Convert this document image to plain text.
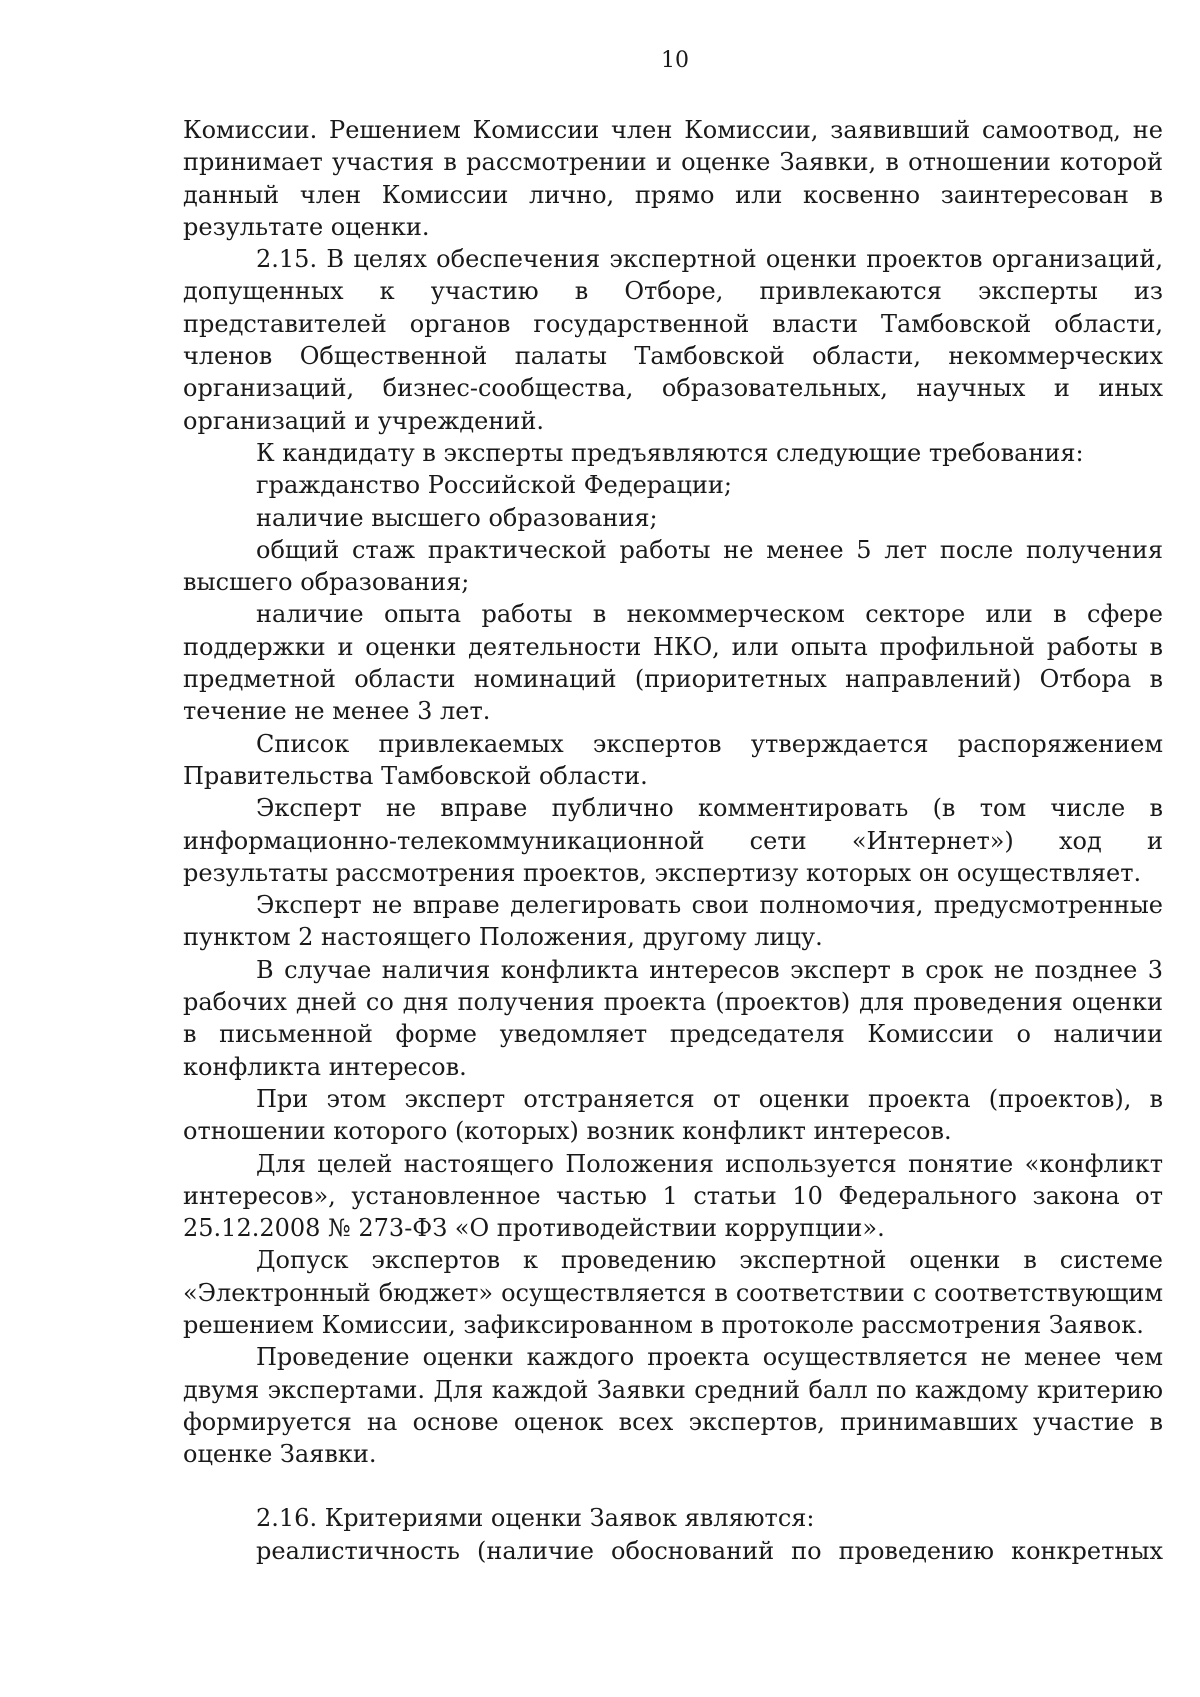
10

Комиссии. Решением Комиссии член Комиссии, заявивший самоотвод, не принимает участия в рассмотрении и оценке Заявки, в отношении которой данный член Комиссии лично, прямо или косвенно заинтересован в результате оценки.

2.15. В целях обеспечения экспертной оценки проектов организаций, допущенных к участию в Отборе, привлекаются эксперты из представителей органов государственной власти Тамбовской области, членов Общественной палаты Тамбовской области, некоммерческих организаций, бизнес-сообщества, образовательных, научных и иных организаций и учреждений.

К кандидату в эксперты предъявляются следующие требования:

гражданство Российской Федерации;

наличие высшего образования;

общий стаж практической работы не менее 5 лет после получения высшего образования;

наличие опыта работы в некоммерческом секторе или в сфере поддержки и оценки деятельности НКО, или опыта профильной работы в предметной области номинаций (приоритетных направлений) Отбора в течение не менее 3 лет.

Список привлекаемых экспертов утверждается распоряжением Правительства Тамбовской области.

Эксперт не вправе публично комментировать (в том числе в информационно-телекоммуникационной сети «Интернет») ход и результаты рассмотрения проектов, экспертизу которых он осуществляет.

Эксперт не вправе делегировать свои полномочия, предусмотренные пунктом 2 настоящего Положения, другому лицу.

В случае наличия конфликта интересов эксперт в срок не позднее 3 рабочих дней со дня получения проекта (проектов) для проведения оценки в письменной форме уведомляет председателя Комиссии о наличии конфликта интересов.

При этом эксперт отстраняется от оценки проекта (проектов), в отношении которого (которых) возник конфликт интересов.

Для целей настоящего Положения используется понятие «конфликт интересов», установленное частью 1 статьи 10 Федерального закона от 25.12.2008 № 273-ФЗ «О противодействии коррупции».

Допуск экспертов к проведению экспертной оценки в системе «Электронный бюджет» осуществляется в соответствии с соответствующим решением Комиссии, зафиксированном в протоколе рассмотрения Заявок.

Проведение оценки каждого проекта осуществляется не менее чем двумя экспертами. Для каждой Заявки средний балл по каждому критерию формируется на основе оценок всех экспертов, принимавших участие в оценке Заявки.

2.16. Критериями оценки Заявок являются:

реалистичность (наличие обоснований по проведению конкретных
